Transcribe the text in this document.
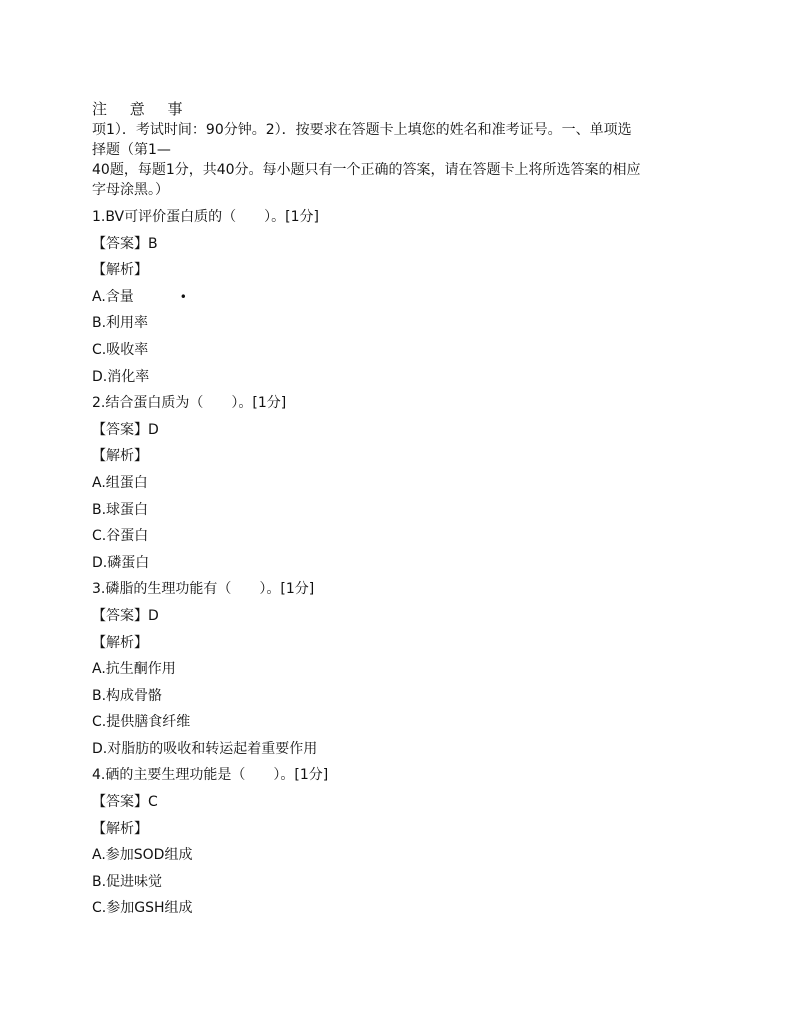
注 意 事
项1）．考试时间：90分钟。2）．按要求在答题卡上填您的姓名和准考证号。一、单项选
择题（第1—
40题，每题1分，共40分。每小题只有一个正确的答案，请在答题卡上将所选答案的相应
字母涂黑。）

1.BV可评价蛋白质的（　　）。[1分]

【答案】B

【解析】

A.含量	•

B.利用率

C.吸收率

D.消化率

2.结合蛋白质为（　　）。[1分]

【答案】D

【解析】

A.组蛋白

B.球蛋白

C.谷蛋白

D.磷蛋白

3.磷脂的生理功能有（　　）。[1分]

【答案】D

【解析】

A.抗生酮作用

B.构成骨骼

C.提供膳食纤维

D.对脂肪的吸收和转运起着重要作用

4.硒的主要生理功能是（　　）。[1分]

【答案】C

【解析】

A.参加SOD组成

B.促进味觉

C.参加GSH组成
